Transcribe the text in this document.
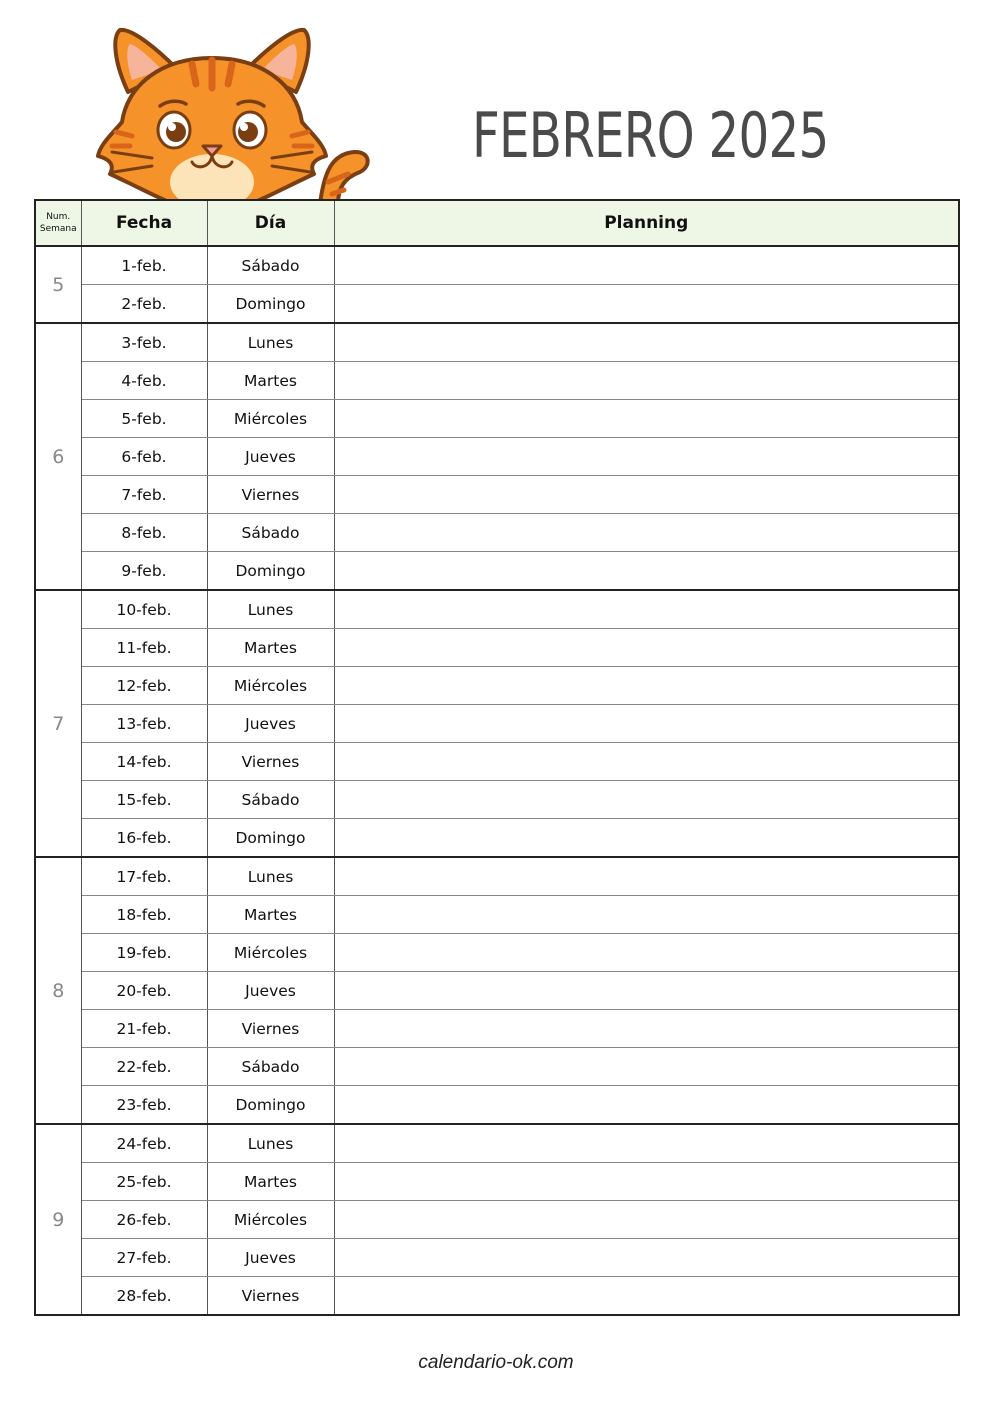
FEBRERO 2025
Num.
Semana	Fecha	Día	Planning
5	1-feb.	Sábado	
	2-feb.	Domingo	
6	3-feb.	Lunes	
	4-feb.	Martes	
	5-feb.	Miércoles	
	6-feb.	Jueves	
	7-feb.	Viernes	
	8-feb.	Sábado	
	9-feb.	Domingo	
7	10-feb.	Lunes	
	11-feb.	Martes	
	12-feb.	Miércoles	
	13-feb.	Jueves	
	14-feb.	Viernes	
	15-feb.	Sábado	
	16-feb.	Domingo	
8	17-feb.	Lunes	
	18-feb.	Martes	
	19-feb.	Miércoles	
	20-feb.	Jueves	
	21-feb.	Viernes	
	22-feb.	Sábado	
	23-feb.	Domingo	
9	24-feb.	Lunes	
	25-feb.	Martes	
	26-feb.	Miércoles	
	27-feb.	Jueves	
	28-feb.	Viernes	
calendario-ok.com
